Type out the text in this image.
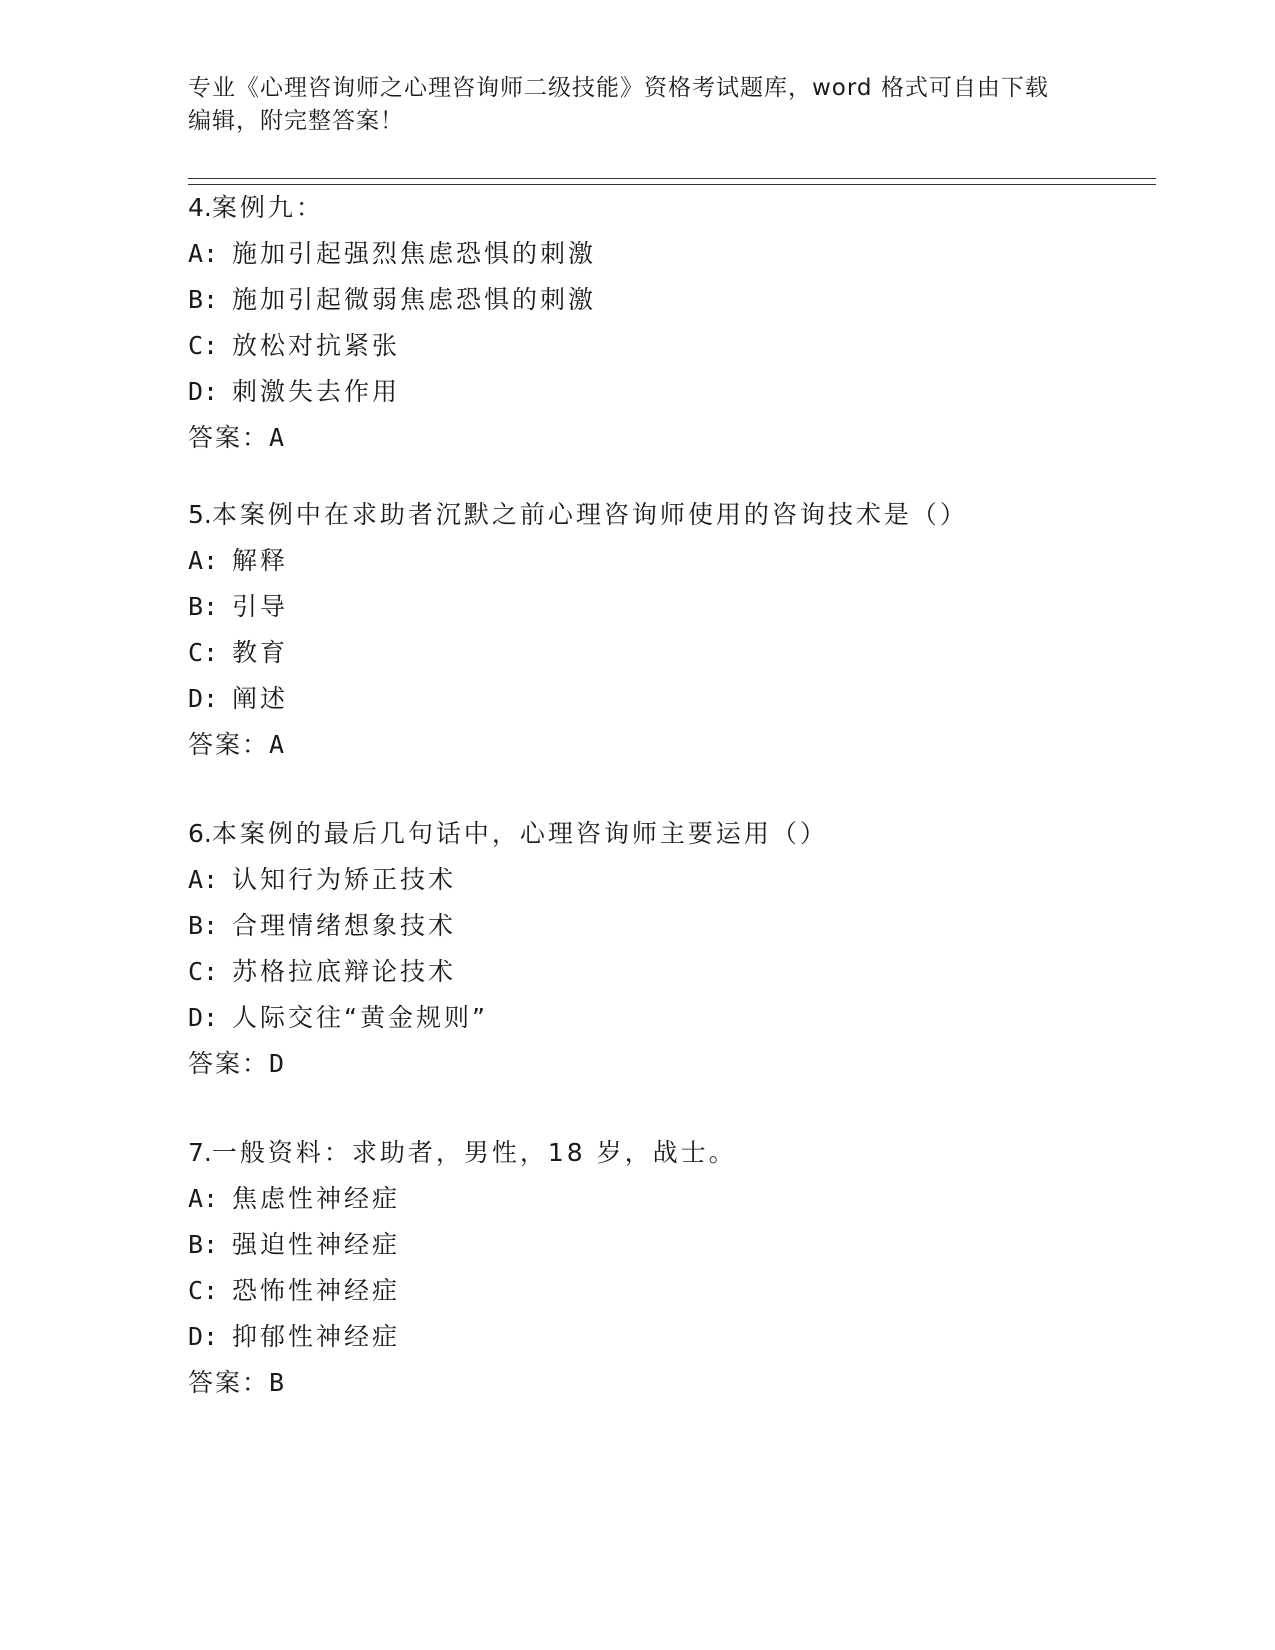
专业《心理咨询师之心理咨询师二级技能》资格考试题库，word 格式可自由下载
编辑，附完整答案！
4.案例九：
A: 施加引起强烈焦虑恐惧的刺激
B: 施加引起微弱焦虑恐惧的刺激
C: 放松对抗紧张
D: 刺激失去作用
答案：A
5.本案例中在求助者沉默之前心理咨询师使用的咨询技术是（）
A: 解释
B: 引导
C: 教育
D: 阐述
答案：A
6.本案例的最后几句话中，心理咨询师主要运用（）
A: 认知行为矫正技术
B: 合理情绪想象技术
C: 苏格拉底辩论技术
D: 人际交往“黄金规则”
答案：D
7.一般资料：求助者，男性，18 岁，战士。
A: 焦虑性神经症
B: 强迫性神经症
C: 恐怖性神经症
D: 抑郁性神经症
答案：B
